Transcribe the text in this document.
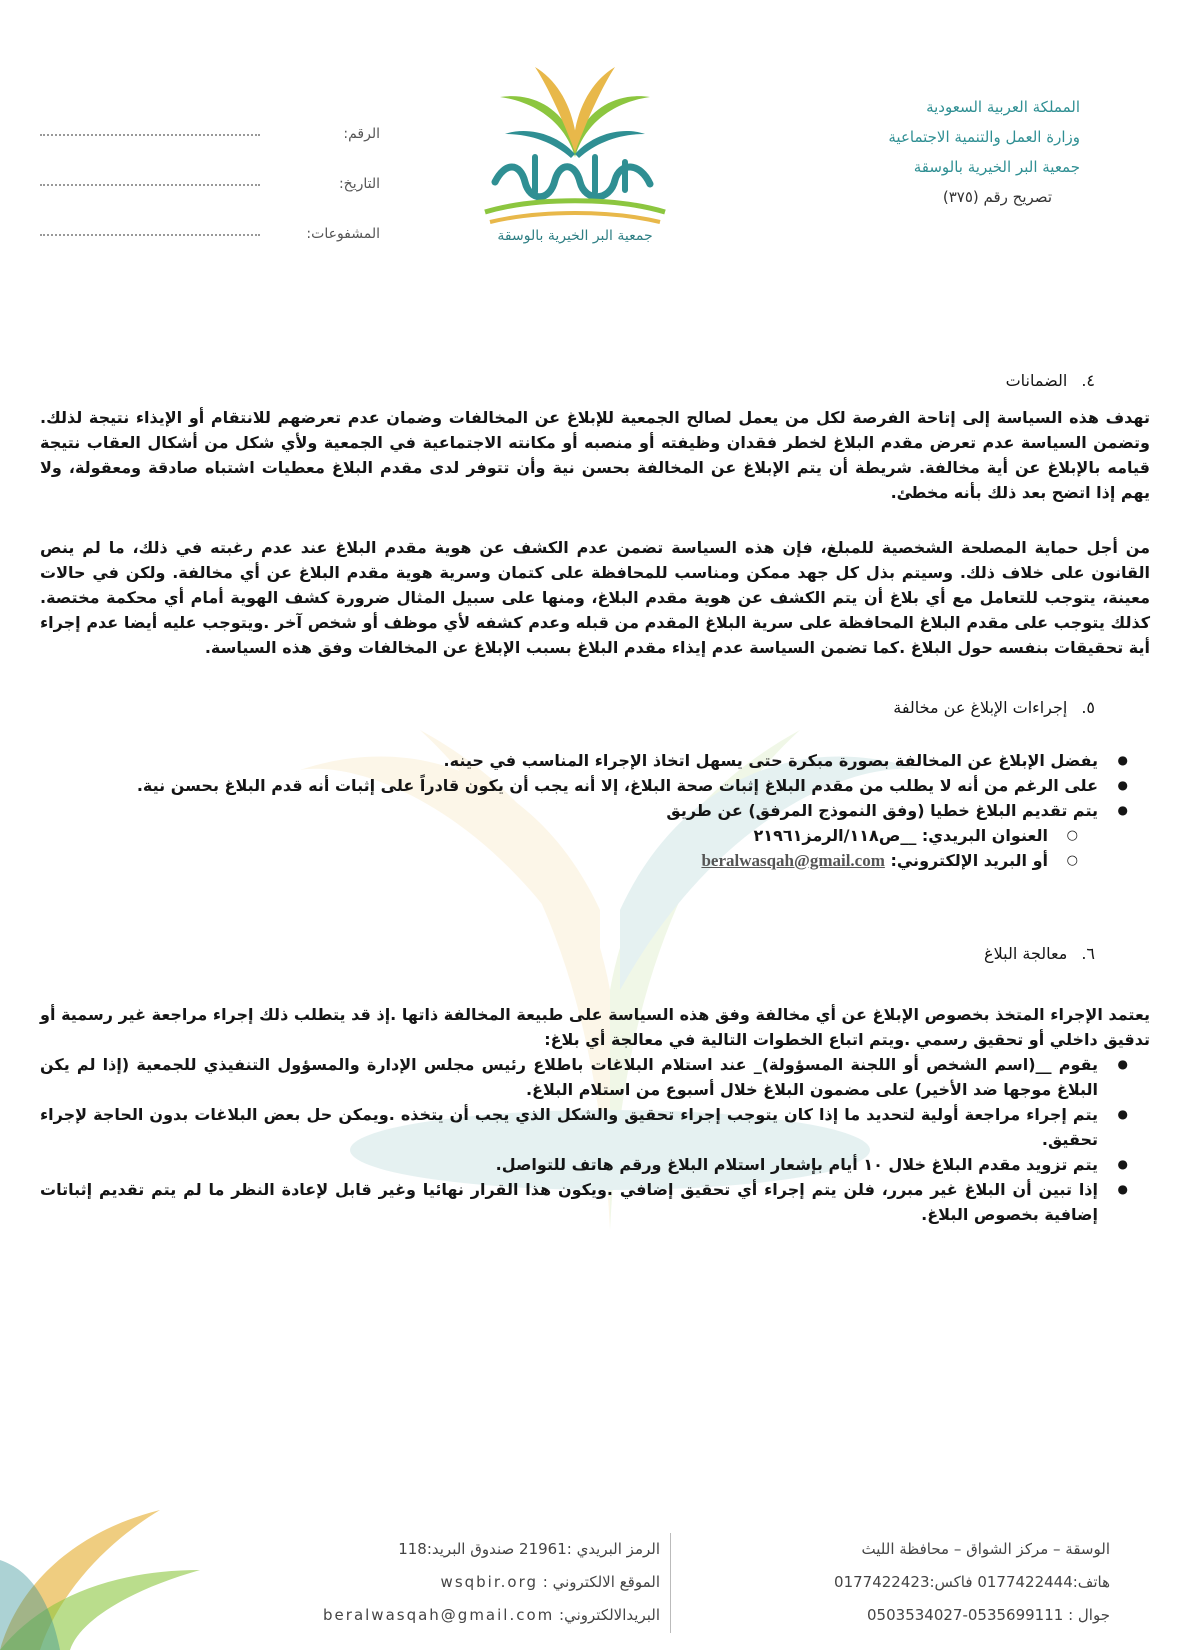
المملكة العربية السعودية
وزارة العمل والتنمية الاجتماعية
جمعية البر الخيرية بالوسقة
تصريح رقم (٣٧٥)
جمعية البر الخيرية بالوسقة
الرقم:
التاريخ:
المشفوعات:
٤.الضمانات

تهدف هذه السياسة إلى إتاحة الفرصة لكل من يعمل لصالح الجمعية للإبلاغ عن المخالفات وضمان عدم تعرضهم للانتقام أو الإيذاء نتيجة لذلك. وتضمن السياسة عدم تعرض مقدم البلاغ لخطر فقدان وظيفته أو منصبه أو مكانته الاجتماعية في الجمعية ولأي شكل من أشكال العقاب نتيجة قيامه بالإبلاغ عن أية مخالفة. شريطة أن يتم الإبلاغ عن المخالفة بحسن نية وأن تتوفر لدى مقدم البلاغ معطيات اشتباه صادقة ومعقولة، ولا يهم إذا اتضح بعد ذلك بأنه مخطئ.

من أجل حماية المصلحة الشخصية للمبلغ، فإن هذه السياسة تضمن عدم الكشف عن هوية مقدم البلاغ عند عدم رغبته في ذلك، ما لم ينص القانون على خلاف ذلك. وسيتم بذل كل جهد ممكن ومناسب للمحافظة على كتمان وسرية هوية مقدم البلاغ عن أي مخالفة. ولكن في حالات معينة، يتوجب للتعامل مع أي بلاغ أن يتم الكشف عن هوية مقدم البلاغ، ومنها على سبيل المثال ضرورة كشف الهوية أمام أي محكمة مختصة. كذلك يتوجب على مقدم البلاغ المحافظة على سرية البلاغ المقدم من قبله وعدم كشفه لأي موظف أو شخص آخر .ويتوجب عليه أيضا عدم إجراء أية تحقيقات بنفسه حول البلاغ .كما تضمن السياسة عدم إيذاء مقدم البلاغ بسبب الإبلاغ عن المخالفات وفق هذه السياسة.

٥.إجراءات الإبلاغ عن مخالفة
● يفضل الإبلاغ عن المخالفة بصورة مبكرة حتى يسهل اتخاذ الإجراء المناسب في حينه.
● على الرغم من أنه لا يطلب من مقدم البلاغ إثبات صحة البلاغ، إلا أنه يجب أن يكون قادراً على إثبات أنه قدم البلاغ بحسن نية.
● يتم تقديم البلاغ خطيا (وفق النموذج المرفق) عن طريق
○ العنوان البريدي: __ص١١٨/الرمز٢١٩٦١
○ أو البريد الإلكتروني: beralwasqah@gmail.com
٦.معالجة البلاغ

يعتمد الإجراء المتخذ بخصوص الإبلاغ عن أي مخالفة وفق هذه السياسة على طبيعة المخالفة ذاتها .إذ قد يتطلب ذلك إجراء مراجعة غير رسمية أو تدقيق داخلي أو تحقيق رسمي .ويتم اتباع الخطوات التالية في معالجة أي بلاغ:

● يقوم __(اسم الشخص أو اللجنة المسؤولة)_ عند استلام البلاغات باطلاع رئيس مجلس الإدارة والمسؤول التنفيذي للجمعية (إذا لم يكن البلاغ موجها ضد الأخير) على مضمون البلاغ خلال أسبوع من استلام البلاغ.
● يتم إجراء مراجعة أولية لتحديد ما إذا كان يتوجب إجراء تحقيق والشكل الذي يجب أن يتخذه .ويمكن حل بعض البلاغات بدون الحاجة لإجراء تحقيق.
● يتم تزويد مقدم البلاغ خلال ١٠ أيام بإشعار استلام البلاغ ورقم هاتف للتواصل.
● إذا تبين أن البلاغ غير مبرر، فلن يتم إجراء أي تحقيق إضافي .ويكون هذا القرار نهائيا وغير قابل لإعادة النظر ما لم يتم تقديم إثباتات إضافية بخصوص البلاغ.
الوسقة – مركز الشواق – محافظة الليث
هاتف:0177422444 فاكس:0177422423
جوال : 0535699111-0503534027
الرمز البريدي :21961 صندوق البريد:118
الموقع الالكتروني : wsqbir.org
البريدالالكتروني: beralwasqah@gmail.com
